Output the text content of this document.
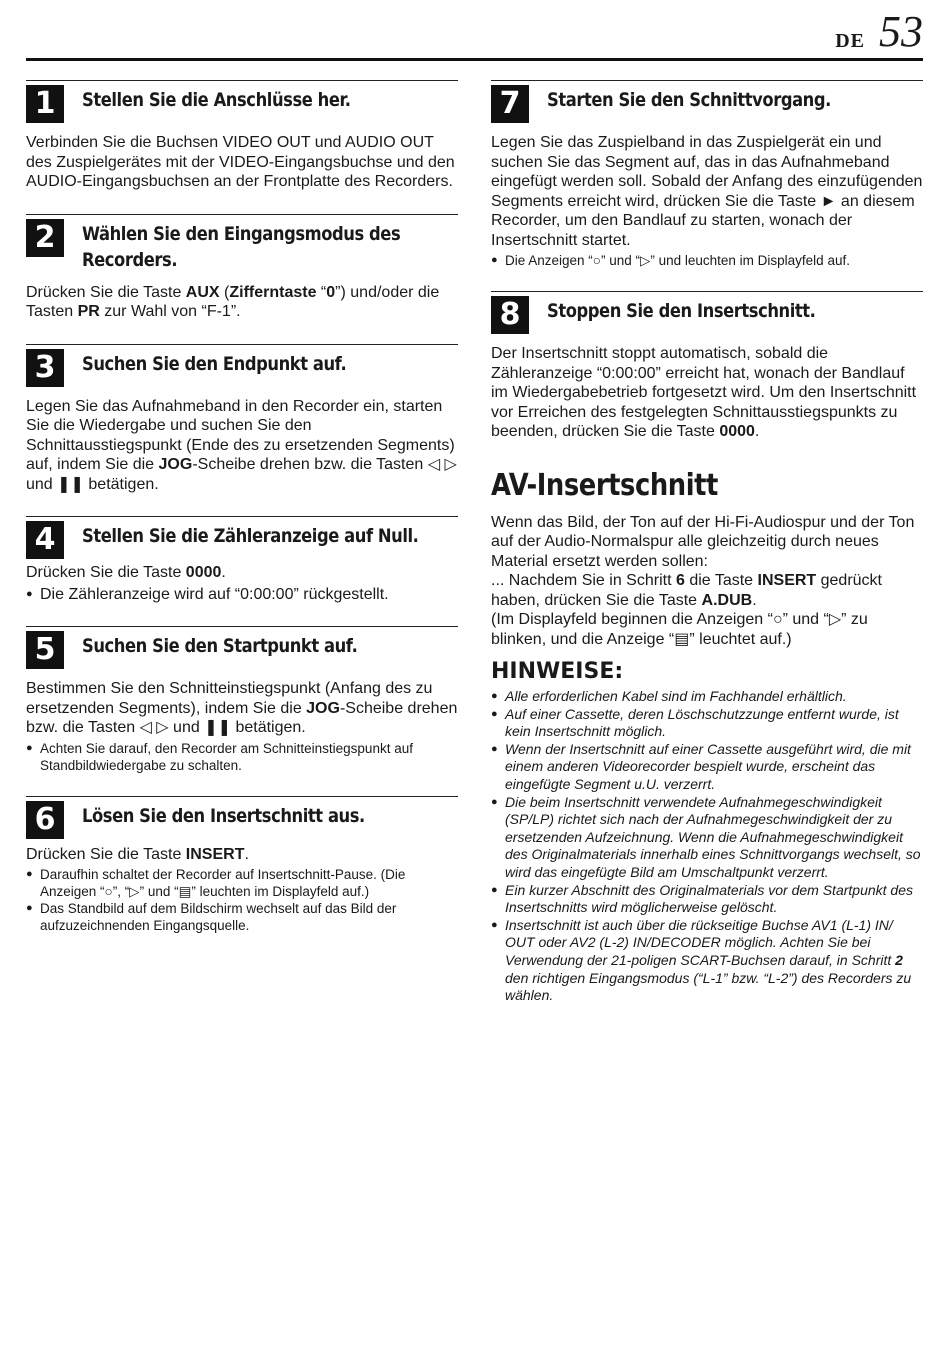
DE 53
1	Stellen Sie die Anschlüsse her.
Verbinden Sie die Buchsen VIDEO OUT und AUDIO OUT des Zuspielgerätes mit der VIDEO-Eingangsbuchse und den AUDIO-Eingangsbuchsen an der Frontplatte des Recorders.
2	Wählen Sie den Eingangsmodus des Recorders.
Drücken Sie die Taste AUX (Zifferntaste “0”) und/oder die Tasten PR zur Wahl von “F-1”.
3	Suchen Sie den Endpunkt auf.
Legen Sie das Aufnahmeband in den Recorder ein, starten Sie die Wiedergabe und suchen Sie den Schnittausstiegspunkt (Ende des zu ersetzenden Segments) auf, indem Sie die JOG-Scheibe drehen bzw. die Tasten ◁ ▷ und ❚❚ betätigen.
4	Stellen Sie die Zähleranzeige auf Null.
Drücken Sie die Taste 0000.
● Die Zähleranzeige wird auf “0:00:00” rückgestellt.
5	Suchen Sie den Startpunkt auf.
Bestimmen Sie den Schnitteinstiegspunkt (Anfang des zu ersetzenden Segments), indem Sie die JOG-Scheibe drehen bzw. die Tasten ◁ ▷ und ❚❚ betätigen.
● Achten Sie darauf, den Recorder am Schnitteinstiegspunkt auf Standbildwiedergabe zu schalten.
6	Lösen Sie den Insertschnitt aus.
Drücken Sie die Taste INSERT.
● Daraufhin schaltet der Recorder auf Insertschnitt-Pause. (Die Anzeigen “○”, “▷” und “▤” leuchten im Displayfeld auf.)
● Das Standbild auf dem Bildschirm wechselt auf das Bild der aufzuzeichnenden Eingangsquelle.
7	Starten Sie den Schnittvorgang.
Legen Sie das Zuspielband in das Zuspielgerät ein und suchen Sie das Segment auf, das in das Aufnahmeband eingefügt werden soll. Sobald der Anfang des einzufügenden Segments erreicht wird, drücken Sie die Taste ► an diesem Recorder, um den Bandlauf zu starten, wonach der Insertschnitt startet.
● Die Anzeigen “○” und “▷” und leuchten im Displayfeld auf.
8	Stoppen Sie den Insertschnitt.
Der Insertschnitt stoppt automatisch, sobald die Zähleranzeige “0:00:00” erreicht hat, wonach der Bandlauf im Wiedergabebetrieb fortgesetzt wird. Um den Insertschnitt vor Erreichen des festgelegten Schnittausstiegspunkts zu beenden, drücken Sie die Taste 0000.
AV-Insertschnitt
Wenn das Bild, der Ton auf der Hi-Fi-Audiospur und der Ton auf der Audio-Normalspur alle gleichzeitig durch neues Material ersetzt werden sollen:
... Nachdem Sie in Schritt 6 die Taste INSERT gedrückt haben, drücken Sie die Taste A.DUB.
(Im Displayfeld beginnen die Anzeigen “○” und “▷” zu blinken, und die Anzeige “▤” leuchtet auf.)
HINWEISE:
● Alle erforderlichen Kabel sind im Fachhandel erhältlich.
● Auf einer Cassette, deren Löschschutzzunge entfernt wurde, ist kein Insertschnitt möglich.
● Wenn der Insertschnitt auf einer Cassette ausgeführt wird, die mit einem anderen Videorecorder bespielt wurde, erscheint das eingefügte Segment u.U. verzerrt.
● Die beim Insertschnitt verwendete Aufnahmegeschwindigkeit (SP/LP) richtet sich nach der Aufnahmegeschwindigkeit der zu ersetzenden Aufzeichnung. Wenn die Aufnahmegeschwindigkeit des Originalmaterials innerhalb eines Schnittvorgangs wechselt, so wird das eingefügte Bild am Umschaltpunkt verzerrt.
● Ein kurzer Abschnitt des Originalmaterials vor dem Startpunkt des Insertschnitts wird möglicherweise gelöscht.
● Insertschnitt ist auch über die rückseitige Buchse AV1 (L-1) IN/ OUT oder AV2 (L-2) IN/DECODER möglich. Achten Sie bei Verwendung der 21-poligen SCART-Buchsen darauf, in Schritt 2 den richtigen Eingangsmodus (“L-1” bzw. “L-2”) des Recorders zu wählen.
